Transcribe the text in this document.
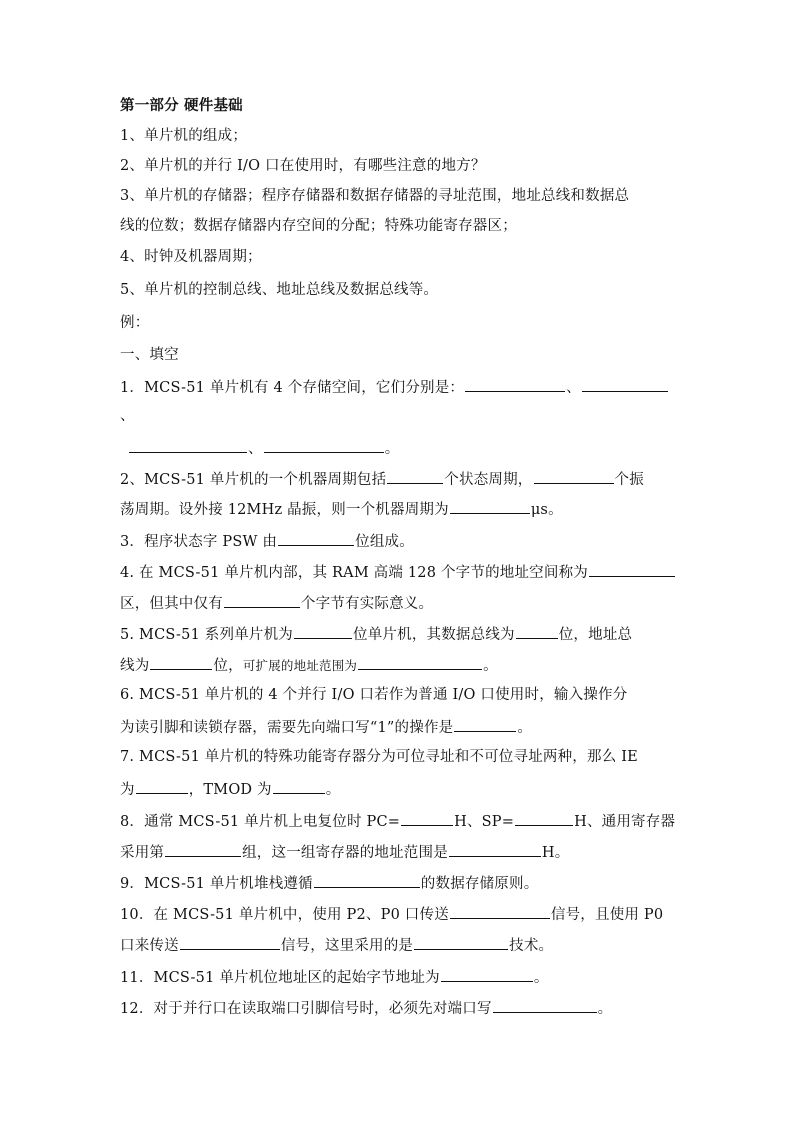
第一部分 硬件基础
1、单片机的组成；
2、单片机的并行 I/O 口在使用时，有哪些注意的地方？
3、单片机的存储器；程序存储器和数据存储器的寻址范围，地址总线和数据总
线的位数；数据存储器内存空间的分配；特殊功能寄存器区；
4、时钟及机器周期；
5、单片机的控制总线、地址总线及数据总线等。
例：
一、填空
1．MCS-51 单片机有 4 个存储空间，它们分别是：	、
、
、	。
2、MCS-51 单片机的一个机器周期包括	个状态周期，	个振
荡周期。设外接 12MHz 晶振，则一个机器周期为	μs。
3．程序状态字 PSW 由	位组成。
4. 在 MCS-51 单片机内部，其 RAM 高端 128 个字节的地址空间称为
区，但其中仅有	个字节有实际意义。
5. MCS-51 系列单片机为	位单片机，其数据总线为	位，地址总
线为	位，可扩展的地址范围为	。
6. MCS-51 单片机的 4 个并行 I/O 口若作为普通 I/O 口使用时，输入操作分
为读引脚和读锁存器，需要先向端口写“1”的操作是	。
7. MCS-51 单片机的特殊功能寄存器分为可位寻址和不可位寻址两种，那么 IE
为	，TMOD 为	。
8．通常 MCS-51 单片机上电复位时 PC=	H、SP=	H、通用寄存器
采用第	组，这一组寄存器的地址范围是	H。
9．MCS-51 单片机堆栈遵循	的数据存储原则。
10．在 MCS-51 单片机中，使用 P2、P0 口传送	信号，且使用 P0
口来传送	信号，这里采用的是	技术。
11．MCS-51 单片机位地址区的起始字节地址为	。
12．对于并行口在读取端口引脚信号时，必须先对端口写	。
